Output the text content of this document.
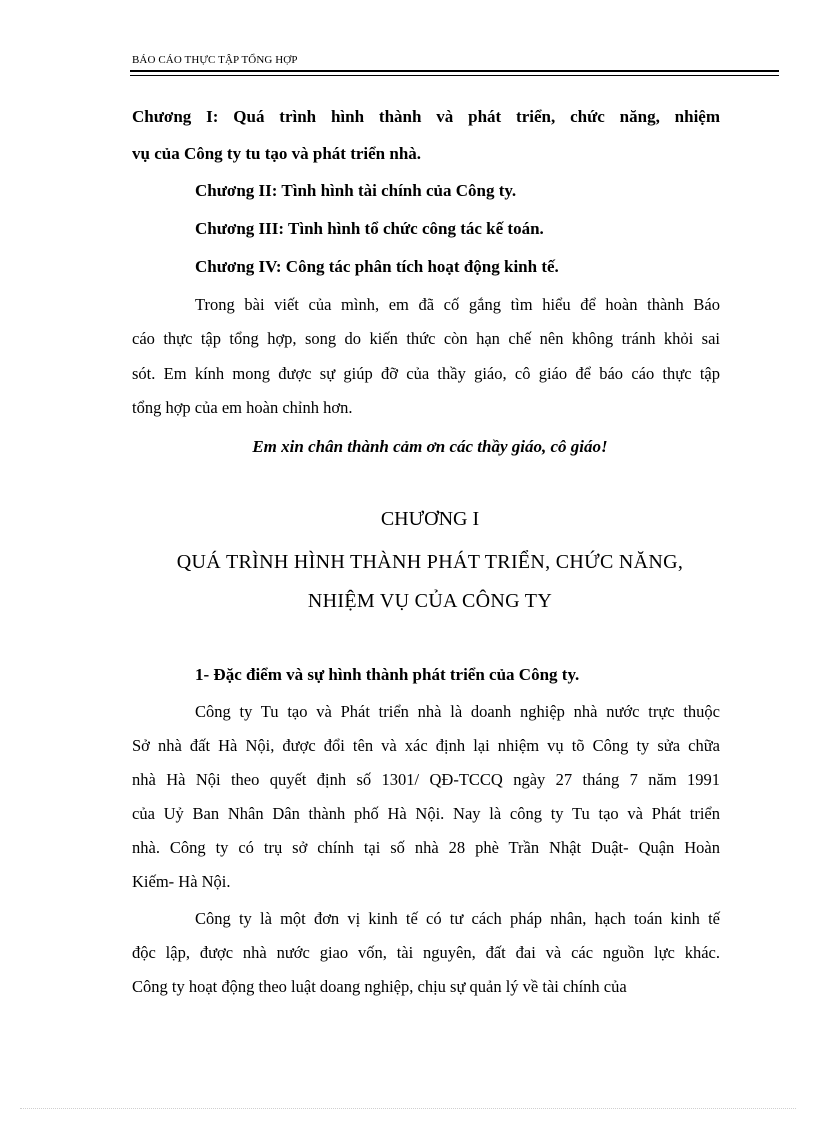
BÁO CÁO THỰC TẬP TỔNG HỢP
Chương I: Quá trình hình thành và phát triển, chức năng, nhiệm
vụ của Công ty tu tạo và phát triển nhà.
Chương II: Tình hình tài chính của Công ty.
Chương III: Tình hình tổ chức công tác kế toán.
Chương IV: Công tác phân tích hoạt động kinh tế.
Trong bài viết của mình, em đã cố gắng tìm hiểu để hoàn thành Báo
cáo thực tập tổng hợp, song do kiến thức còn hạn chế nên không tránh khỏi sai
sót. Em kính mong được sự giúp đỡ của thầy giáo, cô giáo để báo cáo thực tập
tổng hợp của em hoàn chỉnh hơn.
Em xin chân thành cảm ơn các thầy giáo, cô giáo!
CHƯƠNG I
QUÁ TRÌNH HÌNH THÀNH PHÁT TRIỂN, CHỨC NĂNG,
NHIỆM VỤ CỦA CÔNG TY
1- Đặc điểm và sự hình thành phát triển của Công ty.
Công ty Tu tạo và Phát triển nhà là doanh nghiệp nhà nước trực thuộc
Sở nhà đất Hà Nội, được đổi tên và xác định lại nhiệm vụ tõ Công ty sửa chữa
nhà Hà Nội theo quyết định số 1301/ QĐ-TCCQ ngày 27 tháng 7 năm 1991
của Uỷ Ban Nhân Dân thành phố Hà Nội. Nay là công ty Tu tạo và Phát triển
nhà. Công ty có trụ sở chính tại số nhà 28 phè Trần Nhật Duật- Quận Hoàn
Kiếm- Hà Nội.
Công ty là một đơn vị kinh tế có tư cách pháp nhân, hạch toán kinh tế
độc lập, được nhà nước giao vốn, tài nguyên, đất đai và các nguồn lực khác.
Công ty hoạt động theo luật doang nghiệp, chịu sự quản lý về tài chính của
